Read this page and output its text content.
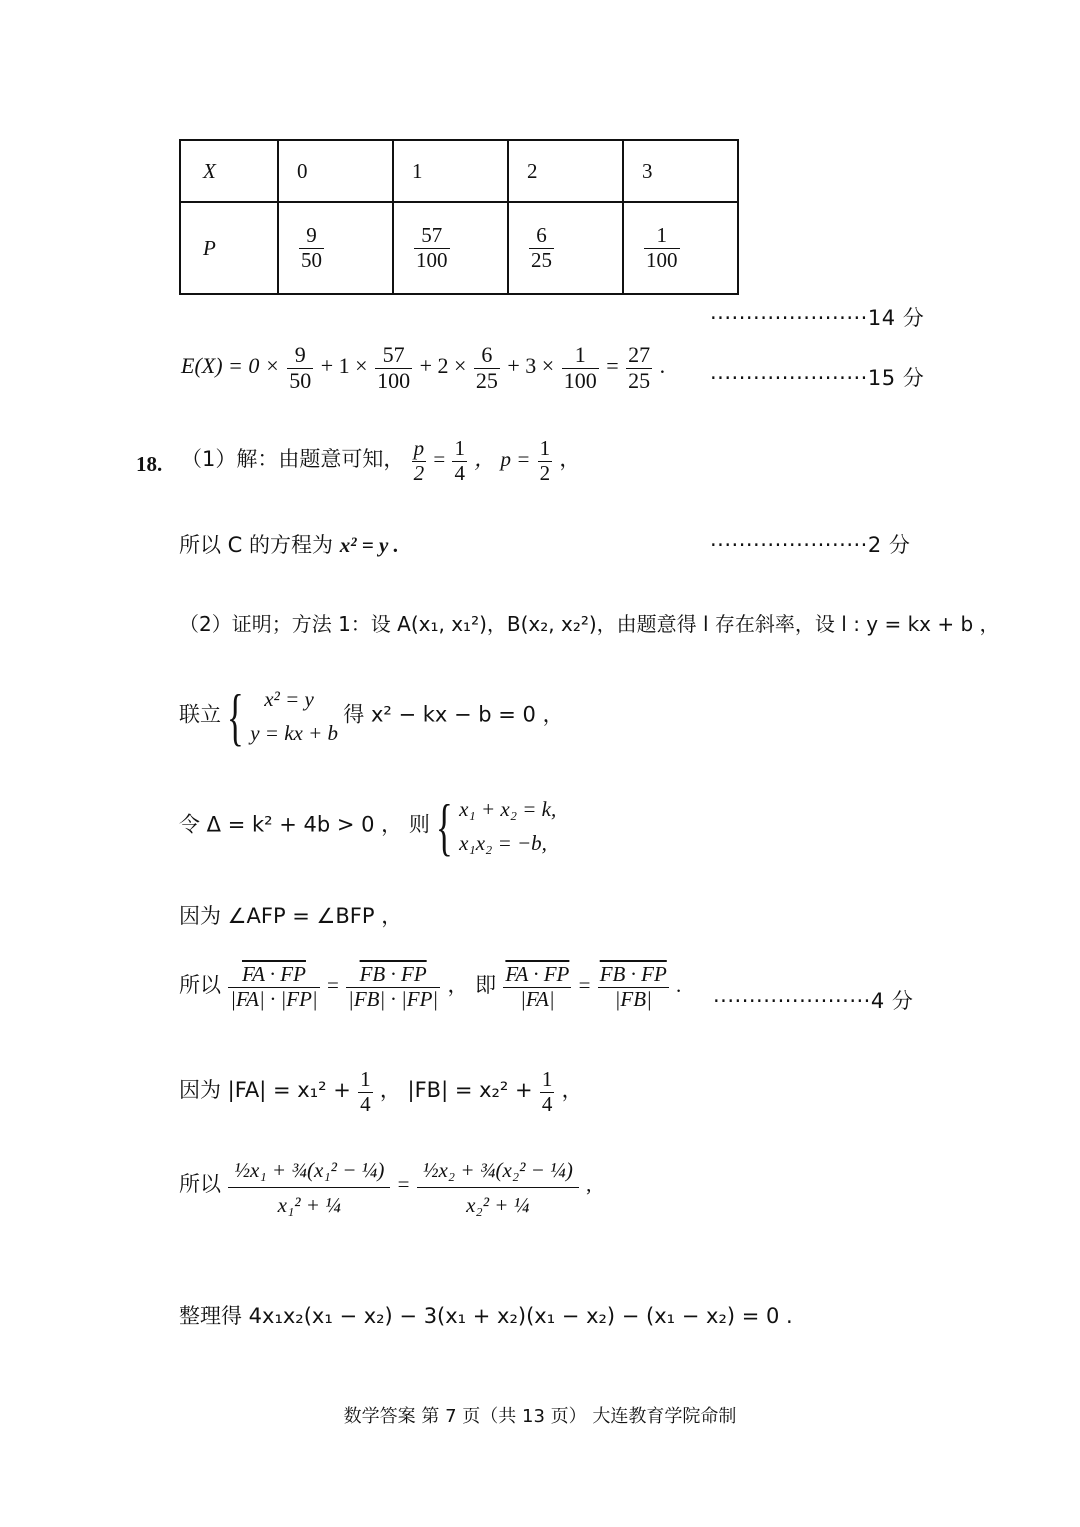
X	0	1	2	3
P	$\frac{9}{50}$	$\frac{57}{100}$	$\frac{6}{25}$	$\frac{1}{100}$
······················14 分
$E(X) = 0 \times \frac{9}{50} + 1 \times \frac{57}{100} + 2 \times \frac{6}{25} + 3 \times \frac{1}{100} = \frac{27}{25}$ . ······················15 分
18. （1）解：由题意可知， $\frac{p}{2} = \frac{1}{4}$ ， $p = \frac{1}{2}$ ，
所以 C 的方程为 x² = y .	······················2 分
（2）证明；方法 1：设 A(x₁, x₁²)，B(x₂, x₂²)，由题意得 l 存在斜率，设 l : y = kx + b ，
联立 { x² = y
y = kx + b
得 x² − kx − b = 0 ，
令 Δ = k² + 4b > 0 ， 则 { x₁ + x₂ = k,
x₁x₂ = −b,
因为 ∠AFP = ∠BFP ，
所以 $\frac{FA \cdot FP}{|FA| \cdot |FP|} = \frac{FB \cdot FP}{|FB| \cdot |FP|}$ ， 即 $\frac{FA \cdot FP}{|FA|} = \frac{FB \cdot FP}{|FB|}$ .
······················4 分
因为 $|FA| = x_1^2 + \frac{1}{4}$ ， $|FB| = x_2^2 + \frac{1}{4}$ ，
所以 $\frac{\text{½x₁ + ¾(x₁² − ¼)}}{\text{x₁² + ¼}} = \frac{\text{½x₂ + ¾(x₂² − ¼)}}{\text{x₂² + ¼}}$ ,
整理得 4x₁x₂(x₁ − x₂) − 3(x₁ + x₂)(x₁ − x₂) − (x₁ − x₂) = 0 .
数学答案 第 7 页（共 13 页） 大连教育学院命制
